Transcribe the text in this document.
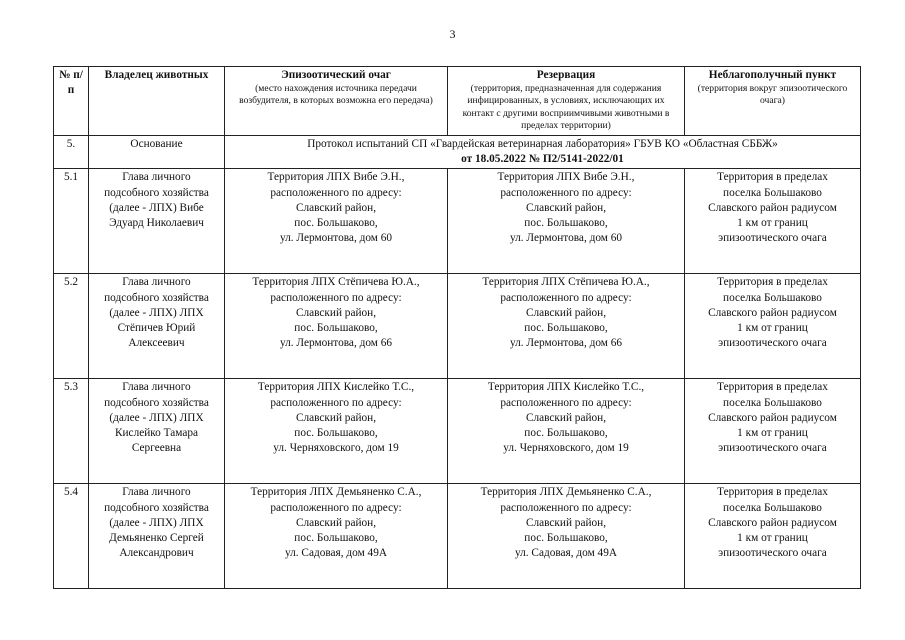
3
№ п/п	Владелец животных	Эпизоотический очаг
(место нахождения источника передачи возбудителя, в которых возможна его передача)	Резервация
(территория, предназначенная для содержания инфицированных, в условиях, исключающих их контакт с другими восприимчивыми животными в пределах территории)	Неблагополучный пункт
(территория вокруг эпизоотического очага)

5.	Основание	Протокол испытаний СП «Гвардейская ветеринарная лаборатория» ГБУВ КО «Областная СББЖ»
от 18.05.2022 № П2/5141-2022/01		

5.1	Глава личного
подсобного хозяйства
(далее - ЛПХ) Вибе
Эдуард Николаевич	Территория ЛПХ Вибе Э.Н.,
расположенного по адресу:
Славский район,
пос. Большаково,
ул. Лермонтова, дом 60	Территория ЛПХ Вибе Э.Н.,
расположенного по адресу:
Славский район,
пос. Большаково,
ул. Лермонтова, дом 60	Территория в пределах
поселка Большаково
Славского район радиусом
1 км от границ
эпизоотического очага

5.2	Глава личного
подсобного хозяйства
(далее - ЛПХ) ЛПХ
Стёпичев Юрий
Алексеевич	Территория ЛПХ Стёпичева Ю.А.,
расположенного по адресу:
Славский район,
пос. Большаково,
ул. Лермонтова, дом 66	Территория ЛПХ Стёпичева Ю.А.,
расположенного по адресу:
Славский район,
пос. Большаково,
ул. Лермонтова, дом 66	Территория в пределах
поселка Большаково
Славского район радиусом
1 км от границ
эпизоотического очага

5.3	Глава личного
подсобного хозяйства
(далее - ЛПХ) ЛПХ
Кислейко Тамара
Сергеевна	Территория ЛПХ Кислейко Т.С.,
расположенного по адресу:
Славский район,
пос. Большаково,
ул. Черняховского, дом 19	Территория ЛПХ Кислейко Т.С.,
расположенного по адресу:
Славский район,
пос. Большаково,
ул. Черняховского, дом 19	Территория в пределах
поселка Большаково
Славского район радиусом
1 км от границ
эпизоотического очага

5.4	Глава личного
подсобного хозяйства
(далее - ЛПХ) ЛПХ
Демьяненко Сергей
Александрович	Территория ЛПХ Демьяненко С.А.,
расположенного по адресу:
Славский район,
пос. Большаково,
ул. Садовая, дом 49А	Территория ЛПХ Демьяненко С.А.,
расположенного по адресу:
Славский район,
пос. Большаково,
ул. Садовая, дом 49А	Территория в пределах
поселка Большаково
Славского район радиусом
1 км от границ
эпизоотического очага
